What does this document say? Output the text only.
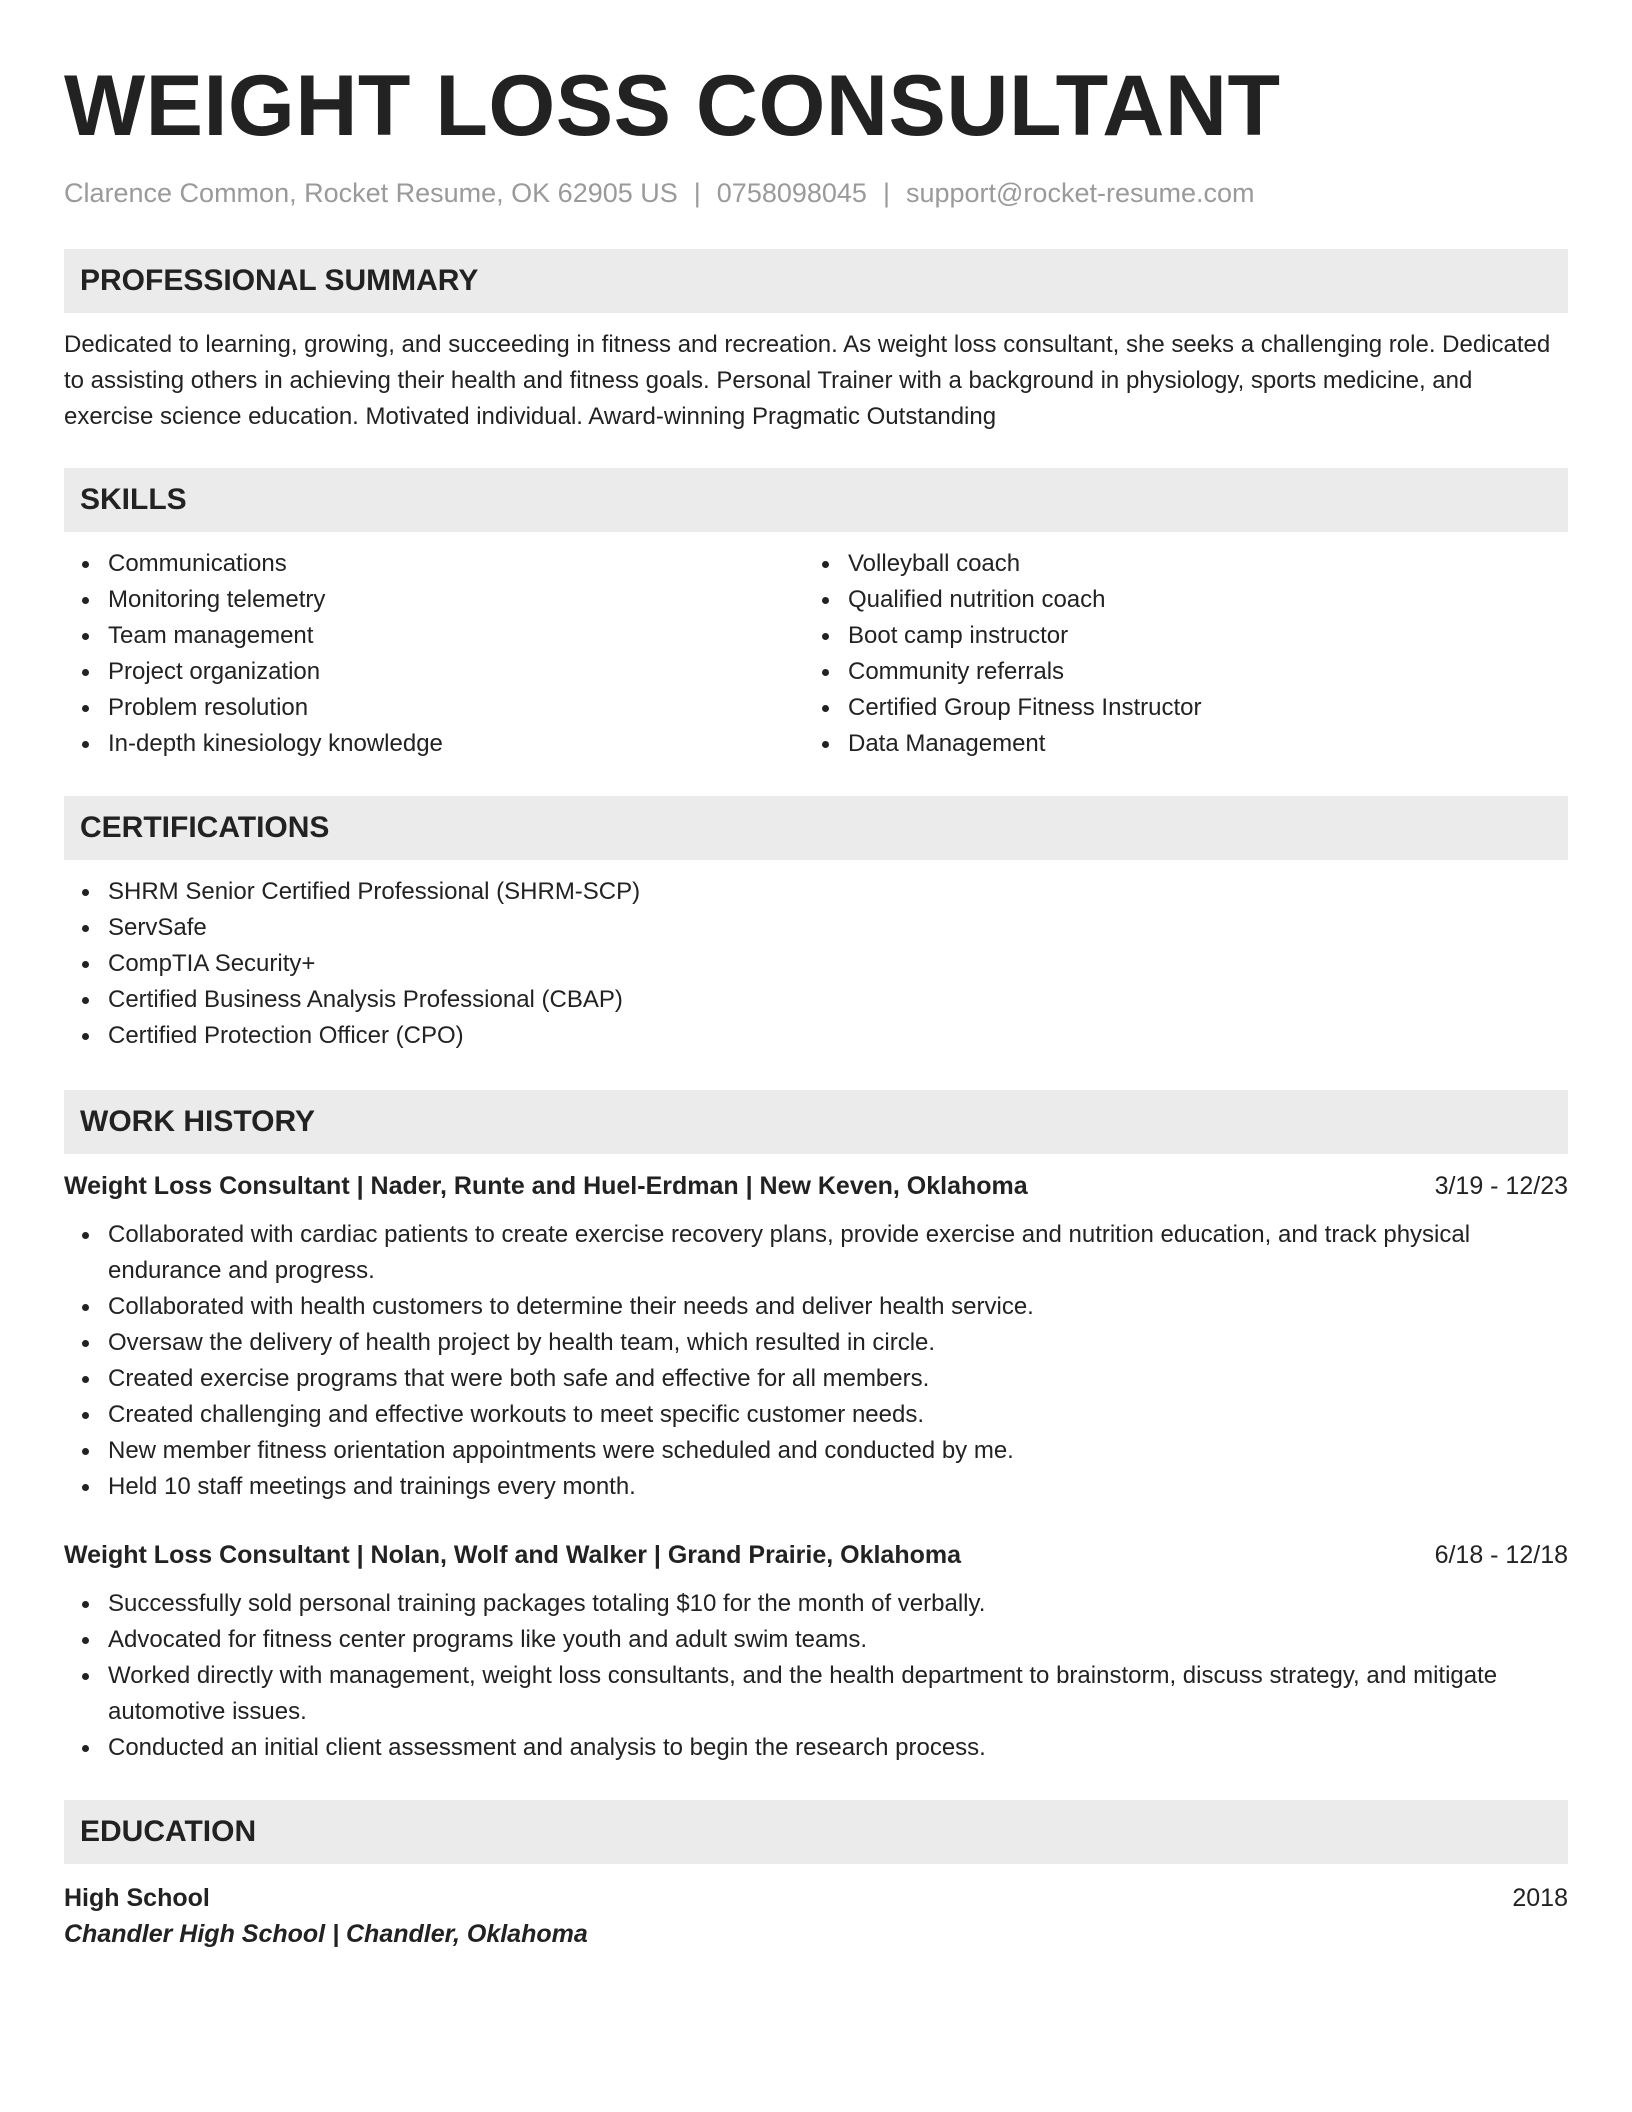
WEIGHT LOSS CONSULTANT
Clarence Common, Rocket Resume, OK 62905 US | 0758098045 | support@rocket-resume.com
PROFESSIONAL SUMMARY

Dedicated to learning, growing, and succeeding in fitness and recreation. As weight loss consultant, she seeks a challenging role. Dedicated to assisting others in achieving their health and fitness goals. Personal Trainer with a background in physiology, sports medicine, and exercise science education. Motivated individual. Award-winning Pragmatic Outstanding

SKILLS
Communications
Monitoring telemetry
Team management
Project organization
Problem resolution
In-depth kinesiology knowledge
Volleyball coach
Qualified nutrition coach
Boot camp instructor
Community referrals
Certified Group Fitness Instructor
Data Management
CERTIFICATIONS
SHRM Senior Certified Professional (SHRM-SCP)
ServSafe
CompTIA Security+
Certified Business Analysis Professional (CBAP)
Certified Protection Officer (CPO)
WORK HISTORY
Weight Loss Consultant | Nader, Runte and Huel-Erdman | New Keven, Oklahoma	3/19 - 12/23
Collaborated with cardiac patients to create exercise recovery plans, provide exercise and nutrition education, and track physical endurance and progress.
Collaborated with health customers to determine their needs and deliver health service.
Oversaw the delivery of health project by health team, which resulted in circle.
Created exercise programs that were both safe and effective for all members.
Created challenging and effective workouts to meet specific customer needs.
New member fitness orientation appointments were scheduled and conducted by me.
Held 10 staff meetings and trainings every month.
Weight Loss Consultant | Nolan, Wolf and Walker | Grand Prairie, Oklahoma	6/18 - 12/18
Successfully sold personal training packages totaling $10 for the month of verbally.
Advocated for fitness center programs like youth and adult swim teams.
Worked directly with management, weight loss consultants, and the health department to brainstorm, discuss strategy, and mitigate automotive issues.
Conducted an initial client assessment and analysis to begin the research process.
EDUCATION
High School	2018
Chandler High School | Chandler, Oklahoma
